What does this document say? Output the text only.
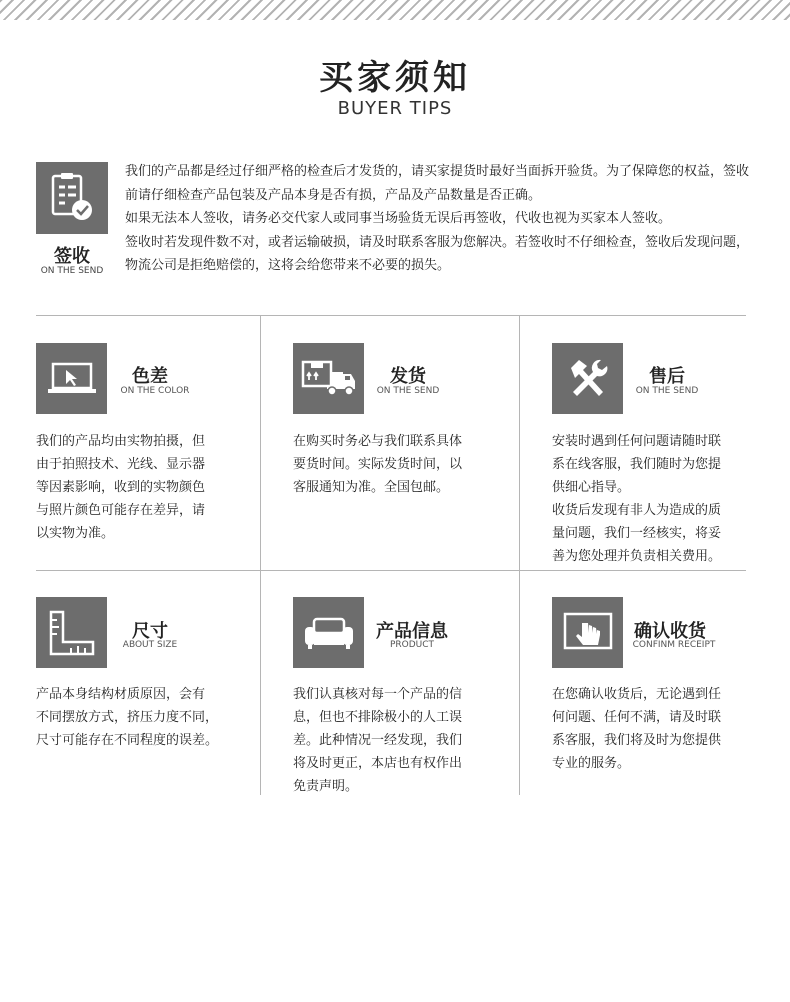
买家须知
BUYER TIPS
签收
ON THE SEND

我们的产品都是经过仔细严格的检查后才发货的，请买家提货时最好当面拆开验货。为了保障您的权益，签收前请仔细检查产品包装及产品本身是否有损，产品及产品数量是否正确。

如果无法本人签收，请务必交代家人或同事当场验货无误后再签收，代收也视为买家本人签收。

签收时若发现件数不对，或者运输破损，请及时联系客服为您解决。若签收时不仔细检查，签收后发现问题，物流公司是拒绝赔偿的，这将会给您带来不必要的损失。

色差
ON THE COLOR

我们的产品均由实物拍摄，但

由于拍照技术、光线、显示器

等因素影响，收到的实物颜色

与照片颜色可能存在差异，请

以实物为准。

发货
ON THE SEND

在购买时务必与我们联系具体

要货时间。实际发货时间，以

客服通知为准。全国包邮。

售后
ON THE SEND

安装时遇到任何问题请随时联

系在线客服，我们随时为您提

供细心指导。

收货后发现有非人为造成的质

量问题，我们一经核实，将妥

善为您处理并负责相关费用。

尺寸
ABOUT SIZE

产品本身结构材质原因，会有

不同摆放方式，挤压力度不同，

尺寸可能存在不同程度的误差。

产品信息
PRODUCT

我们认真核对每一个产品的信

息，但也不排除极小的人工误

差。此种情况一经发现，我们

将及时更正，本店也有权作出

免责声明。

确认收货
CONFINM RECEIPT

在您确认收货后，无论遇到任

何问题、任何不满，请及时联

系客服，我们将及时为您提供

专业的服务。
